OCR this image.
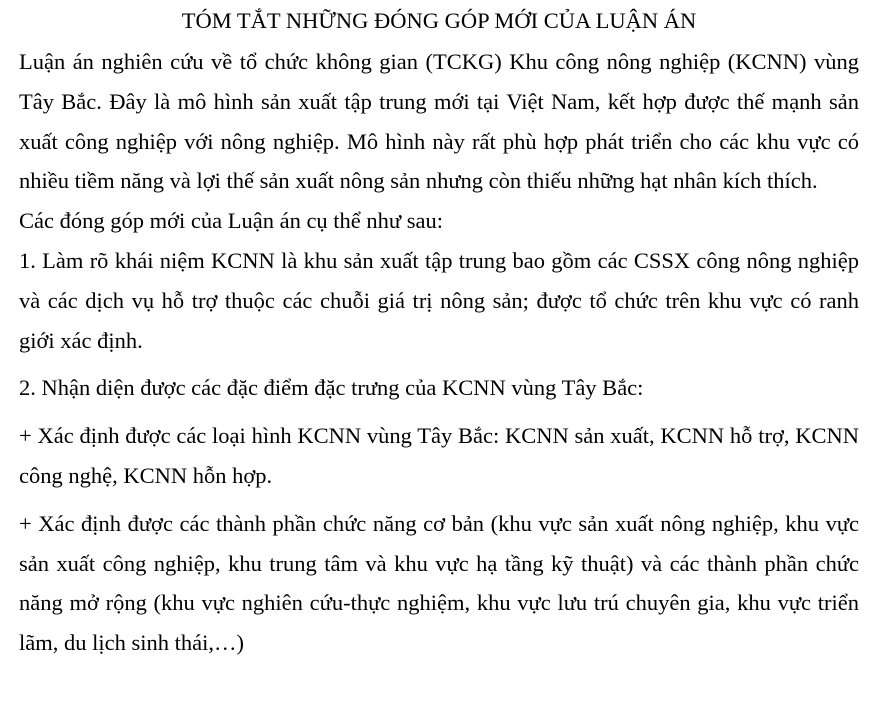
TÓM TẮT NHỮNG ĐÓNG GÓP MỚI CỦA LUẬN ÁN

Luận án nghiên cứu về tổ chức không gian (TCKG) Khu công nông nghiệp (KCNN) vùng Tây Bắc. Đây là mô hình sản xuất tập trung mới tại Việt Nam, kết hợp được thế mạnh sản xuất công nghiệp với nông nghiệp. Mô hình này rất phù hợp phát triển cho các khu vực có nhiều tiềm năng và lợi thế sản xuất nông sản nhưng còn thiếu những hạt nhân kích thích.

Các đóng góp mới của Luận án cụ thể như sau:

1. Làm rõ khái niệm KCNN là khu sản xuất tập trung bao gồm các CSSX công nông nghiệp và các dịch vụ hỗ trợ thuộc các chuỗi giá trị nông sản; được tổ chức trên khu vực có ranh giới xác định.

2. Nhận diện được các đặc điểm đặc trưng của KCNN vùng Tây Bắc:

+ Xác định được các loại hình KCNN vùng Tây Bắc: KCNN sản xuất, KCNN hỗ trợ, KCNN công nghệ, KCNN hỗn hợp.

+ Xác định được các thành phần chức năng cơ bản (khu vực sản xuất nông nghiệp, khu vực sản xuất công nghiệp, khu trung tâm và khu vực hạ tầng kỹ thuật) và các thành phần chức năng mở rộng (khu vực nghiên cứu-thực nghiệm, khu vực lưu trú chuyên gia, khu vực triển lãm, du lịch sinh thái,…)
